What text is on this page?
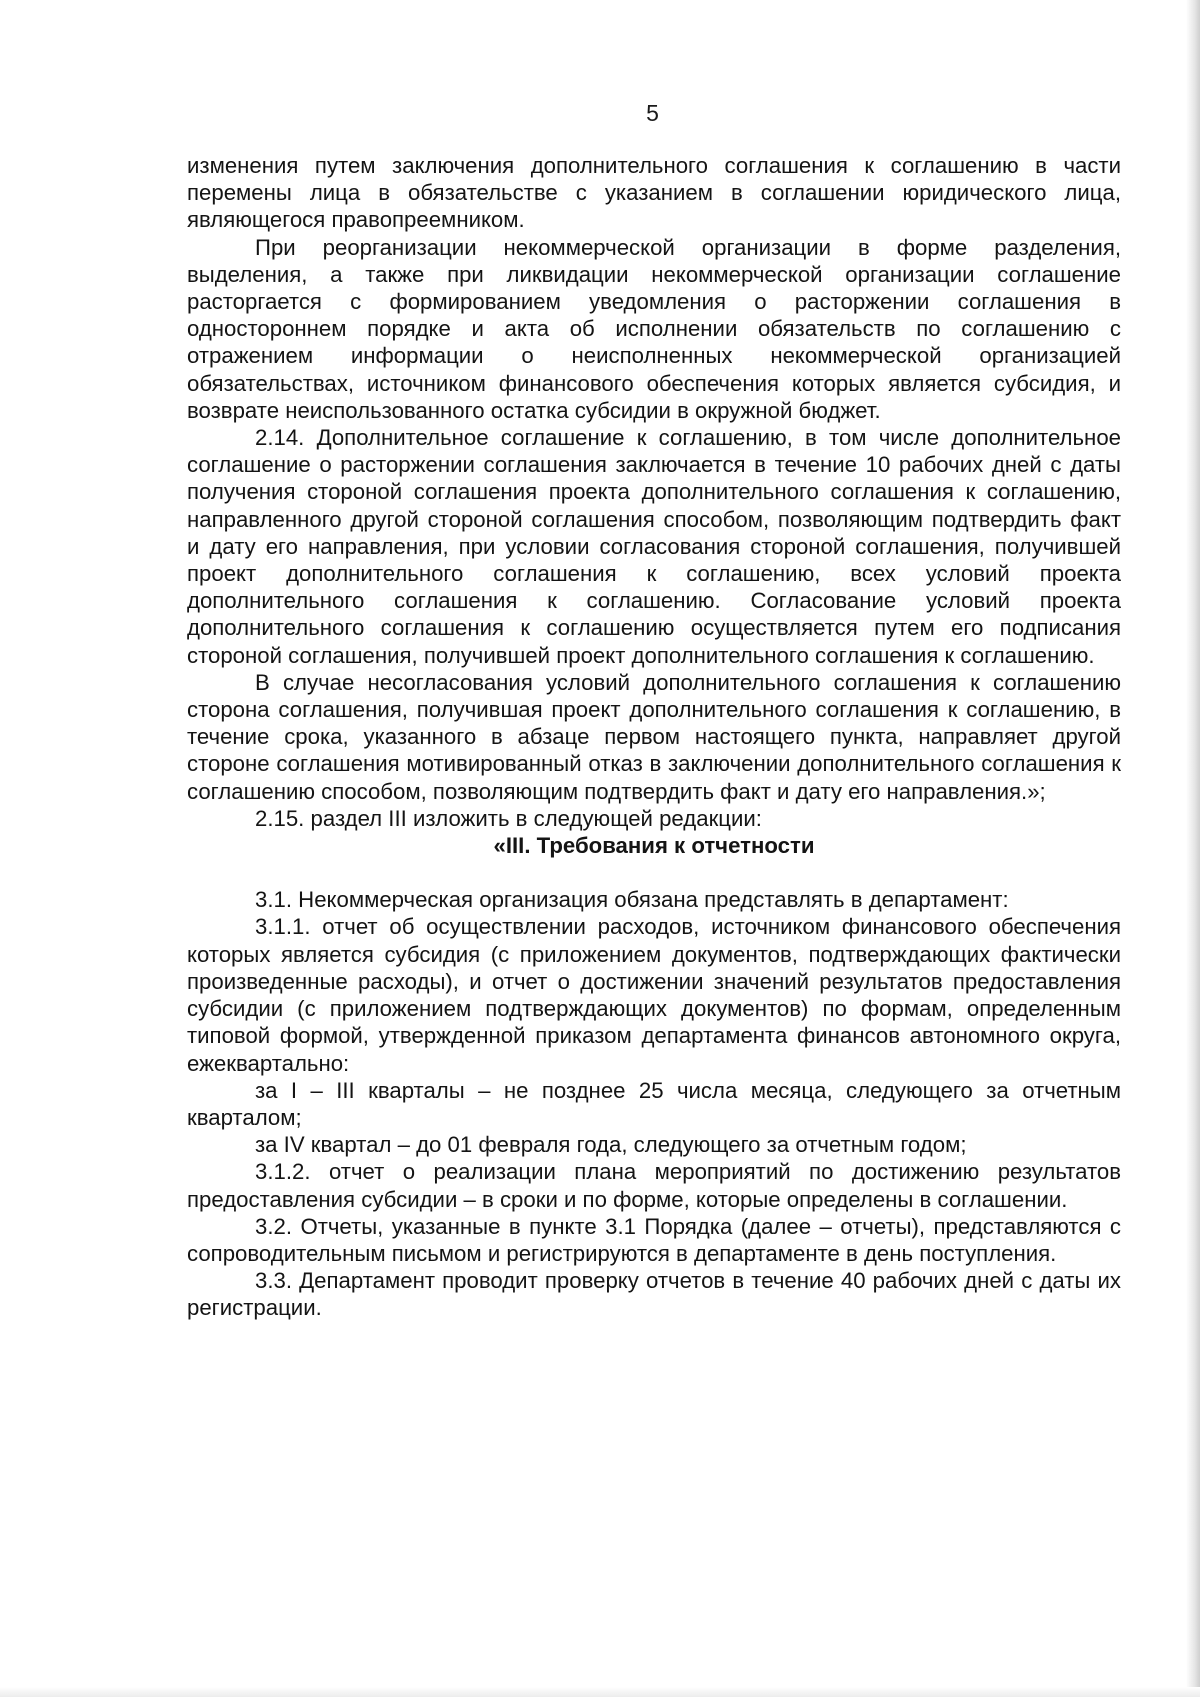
5

изменения путем заключения дополнительного соглашения к соглашению в части перемены лица в обязательстве с указанием в соглашении юридического лица, являющегося правопреемником.

При реорганизации некоммерческой организации в форме разделения, выделения, а также при ликвидации некоммерческой организации соглашение расторгается с формированием уведомления о расторжении соглашения в одностороннем порядке и акта об исполнении обязательств по соглашению с отражением информации о неисполненных некоммерческой организацией обязательствах, источником финансового обеспечения которых является субсидия, и возврате неиспользованного остатка субсидии в окружной бюджет.

2.14. Дополнительное соглашение к соглашению, в том числе дополнительное соглашение о расторжении соглашения заключается в течение 10 рабочих дней с даты получения стороной соглашения проекта дополнительного соглашения к соглашению, направленного другой стороной соглашения способом, позволяющим подтвердить факт и дату его направления, при условии согласования стороной соглашения, получившей проект дополнительного соглашения к соглашению, всех условий проекта дополнительного соглашения к соглашению. Согласование условий проекта дополнительного соглашения к соглашению осуществляется путем его подписания стороной соглашения, получившей проект дополнительного соглашения к соглашению.

В случае несогласования условий дополнительного соглашения к соглашению сторона соглашения, получившая проект дополнительного соглашения к соглашению, в течение срока, указанного в абзаце первом настоящего пункта, направляет другой стороне соглашения мотивированный отказ в заключении дополнительного соглашения к соглашению способом, позволяющим подтвердить факт и дату его направления.»;

2.15. раздел III изложить в следующей редакции:

«III. Требования к отчетности

3.1. Некоммерческая организация обязана представлять в департамент:

3.1.1. отчет об осуществлении расходов, источником финансового обеспечения которых является субсидия (с приложением документов, подтверждающих фактически произведенные расходы), и отчет о достижении значений результатов предоставления субсидии (с приложением подтверждающих документов) по формам, определенным типовой формой, утвержденной приказом департамента финансов автономного округа, ежеквартально:

за I – III кварталы – не позднее 25 числа месяца, следующего за отчетным кварталом;

за IV квартал – до 01 февраля года, следующего за отчетным годом;

3.1.2. отчет о реализации плана мероприятий по достижению результатов предоставления субсидии – в сроки и по форме, которые определены в соглашении.

3.2. Отчеты, указанные в пункте 3.1 Порядка (далее – отчеты), представляются с сопроводительным письмом и регистрируются в департаменте в день поступления.

3.3. Департамент проводит проверку отчетов в течение 40 рабочих дней с даты их регистрации.
